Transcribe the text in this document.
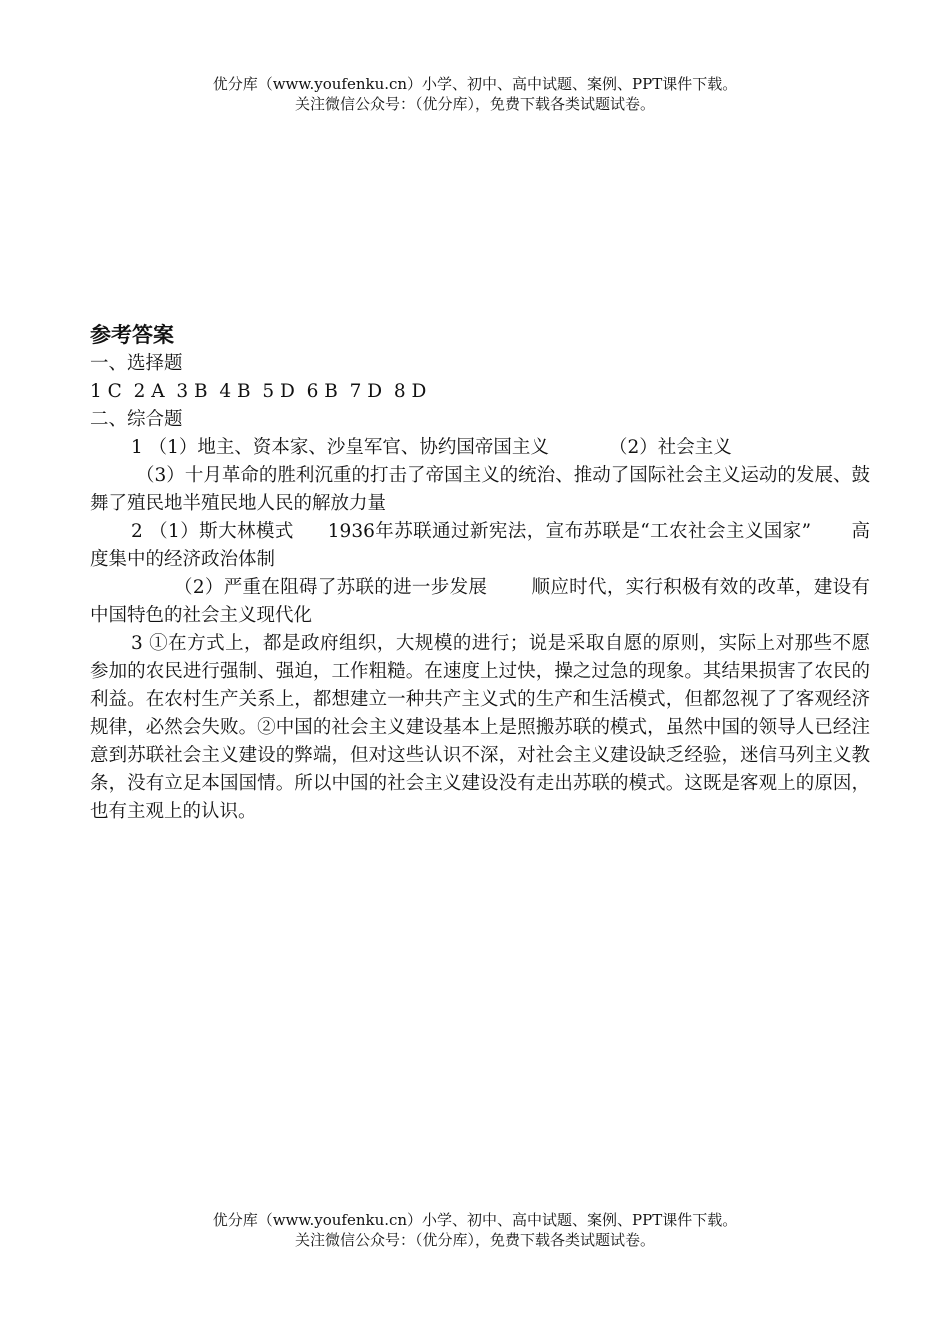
优分库（www.youfenku.cn）小学、初中、高中试题、案例、PPT课件下载。
关注微信公众号：（优分库），免费下载各类试题试卷。

参考答案

一、选择题

1 C  2 A  3 B  4 B  5 D  6 B  7 D  8 D

二、综合题

1 （1）地主、资本家、沙皇军官、协约国帝国主义	（2）社会主义

（3）十月革命的胜利沉重的打击了帝国主义的统治、推动了国际社会主义运动的发展、鼓舞了殖民地半殖民地人民的解放力量

2 （1）斯大林模式 1936年苏联通过新宪法，宣布苏联是“工农社会主义国家” 高度集中的经济政治体制

（2）严重在阻碍了苏联的进一步发展 顺应时代，实行积极有效的改革，建设有中国特色的社会主义现代化

3 ①在方式上，都是政府组织，大规模的进行；说是采取自愿的原则，实际上对那些不愿参加的农民进行强制、强迫，工作粗糙。在速度上过快，操之过急的现象。其结果损害了农民的利益。在农村生产关系上，都想建立一种共产主义式的生产和生活模式，但都忽视了了客观经济规律，必然会失败。②中国的社会主义建设基本上是照搬苏联的模式，虽然中国的领导人已经注意到苏联社会主义建设的弊端，但对这些认识不深，对社会主义建设缺乏经验，迷信马列主义教条，没有立足本国国情。所以中国的社会主义建设没有走出苏联的模式。这既是客观上的原因，也有主观上的认识。

优分库（www.youfenku.cn）小学、初中、高中试题、案例、PPT课件下载。
关注微信公众号：（优分库），免费下载各类试题试卷。
